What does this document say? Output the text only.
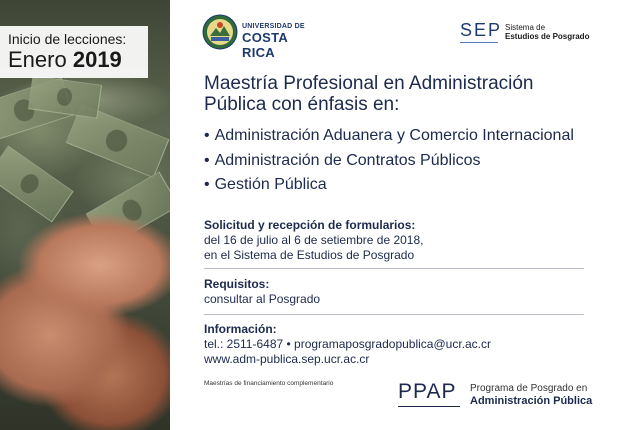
Inicio de lecciones:
Enero 2019
UNIVERSIDAD DE
COSTA RICA
SEP Sistema de
Estudios de Posgrado
Maestría Profesional en Administración
Pública con énfasis en:
• Administración Aduanera y Comercio Internacional
• Administración de Contratos Públicos
• Gestión Pública
Solicitud y recepción de formularios:
del 16 de julio al 6 de setiembre de 2018,
en el Sistema de Estudios de Posgrado
Requisitos:
consultar al Posgrado
Información:
tel.: 2511-6487 • programaposgradopublica@ucr.ac.cr
www.adm-publica.sep.ucr.ac.cr
Maestrías de financiamiento complementario	PPAP Programa de Posgrado en
Administración Pública
